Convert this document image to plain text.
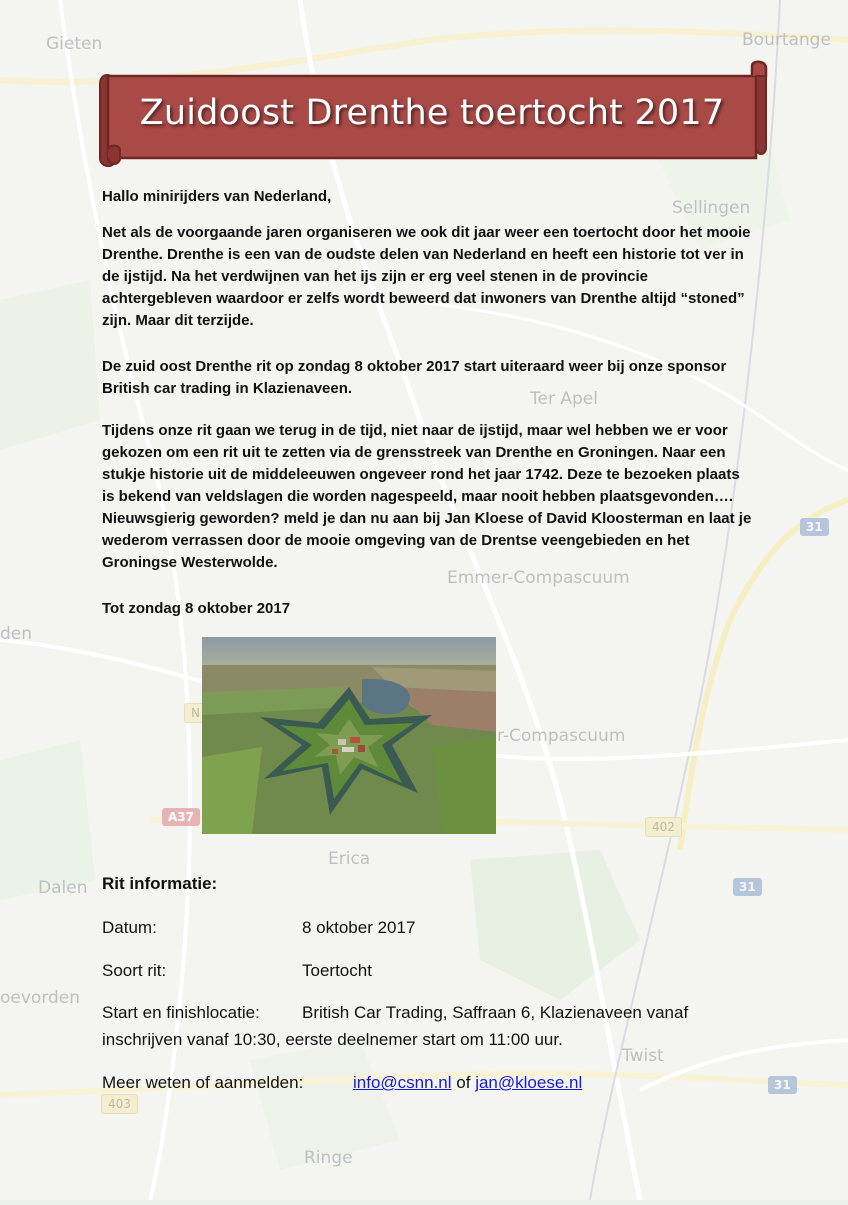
Gieten	Bourtange
Sellingen
Ter Apel
Emmer-Compascuum
r-Compascuum
Erica
Dalen
oevorden
den
Twist
Ringe
31
31
31
402
403
A37
N
Zuidoost Drenthe toertocht 2017

Hallo minirijders van Nederland,

Net als de voorgaande jaren organiseren we ook dit jaar weer een toertocht door het mooie Drenthe. Drenthe is een van de oudste delen van Nederland en heeft een historie tot ver in de ijstijd. Na het verdwijnen van het ijs zijn er erg veel stenen in de provincie achtergebleven waardoor er zelfs wordt beweerd dat inwoners van Drenthe altijd “stoned” zijn. Maar dit terzijde.

De zuid oost Drenthe rit op zondag 8 oktober 2017 start uiteraard weer bij onze sponsor British car trading in Klazienaveen.

Tijdens onze rit gaan we terug in de tijd, niet naar de ijstijd, maar wel hebben we er voor gekozen om een rit uit te zetten via de grensstreek van Drenthe en Groningen. Naar een stukje historie uit de middeleeuwen ongeveer rond het jaar 1742. Deze te bezoeken plaats is bekend van veldslagen die worden nagespeeld, maar nooit hebben plaatsgevonden…. Nieuwsgierig geworden? meld je dan nu aan bij Jan Kloese of David Kloosterman en laat je wederom verrassen door de mooie omgeving van de Drentse veengebieden en het Groningse Westerwolde.

Tot zondag 8 oktober 2017

Rit informatie:

Datum:	8 oktober 2017
Soort rit:	Toertocht
Start en finishlocatie: British Car Trading, Saffraan 6, Klazienaveen vanaf
inschrijven vanaf 10:30, eerste deelnemer start om 11:00 uur.
Meer weten of aanmelden:	info@csnn.nl of jan@kloese.nl
